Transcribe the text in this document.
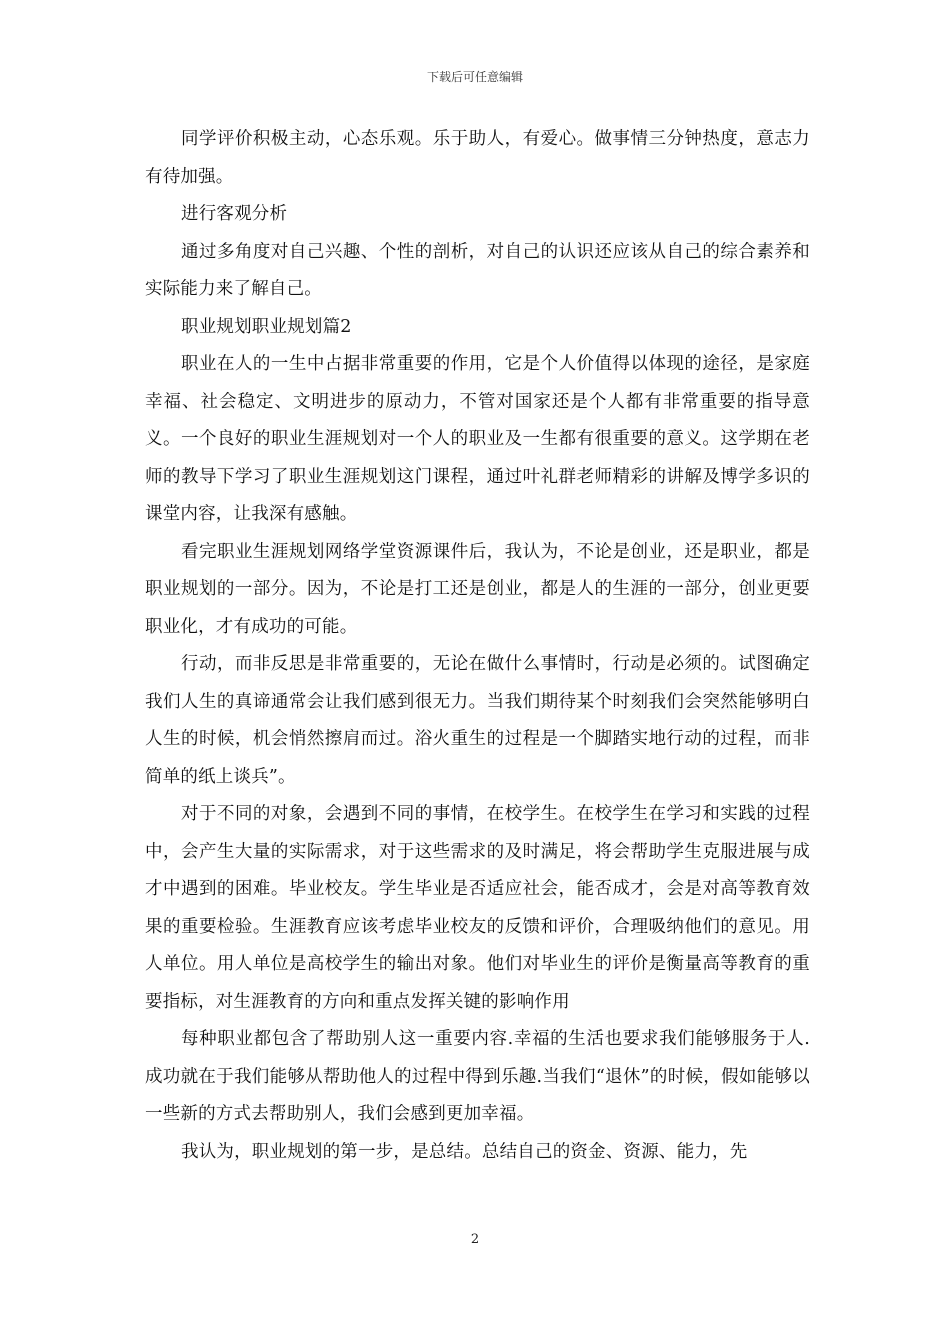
下载后可任意编辑

同学评价积极主动，心态乐观。乐于助人，有爱心。做事情三分钟热度，意志力有待加强。

进行客观分析

通过多角度对自己兴趣、个性的剖析，对自己的认识还应该从自己的综合素养和实际能力来了解自己。

职业规划职业规划篇2

职业在人的一生中占据非常重要的作用，它是个人价值得以体现的途径，是家庭幸福、社会稳定、文明进步的原动力，不管对国家还是个人都有非常重要的指导意义。一个良好的职业生涯规划对一个人的职业及一生都有很重要的意义。这学期在老师的教导下学习了职业生涯规划这门课程，通过叶礼群老师精彩的讲解及博学多识的课堂内容，让我深有感触。

看完职业生涯规划网络学堂资源课件后，我认为，不论是创业，还是职业，都是职业规划的一部分。因为，不论是打工还是创业，都是人的生涯的一部分，创业更要职业化，才有成功的可能。

行动，而非反思是非常重要的，无论在做什么事情时，行动是必须的。试图确定我们人生的真谛通常会让我们感到很无力。当我们期待某个时刻我们会突然能够明白人生的时候，机会悄然擦肩而过。浴火重生的过程是一个脚踏实地行动的过程，而非简单的纸上谈兵”。

对于不同的对象，会遇到不同的事情，在校学生。在校学生在学习和实践的过程中，会产生大量的实际需求，对于这些需求的及时满足，将会帮助学生克服进展与成才中遇到的困难。毕业校友。学生毕业是否适应社会，能否成才，会是对高等教育效果的重要检验。生涯教育应该考虑毕业校友的反馈和评价，合理吸纳他们的意见。用人单位。用人单位是高校学生的输出对象。他们对毕业生的评价是衡量高等教育的重要指标，对生涯教育的方向和重点发挥关键的影响作用

每种职业都包含了帮助别人这一重要内容.幸福的生活也要求我们能够服务于人.成功就在于我们能够从帮助他人的过程中得到乐趣.当我们“退休”的时候，假如能够以一些新的方式去帮助别人，我们会感到更加幸福。

我认为，职业规划的第一步，是总结。总结自己的资金、资源、能力，先

2
